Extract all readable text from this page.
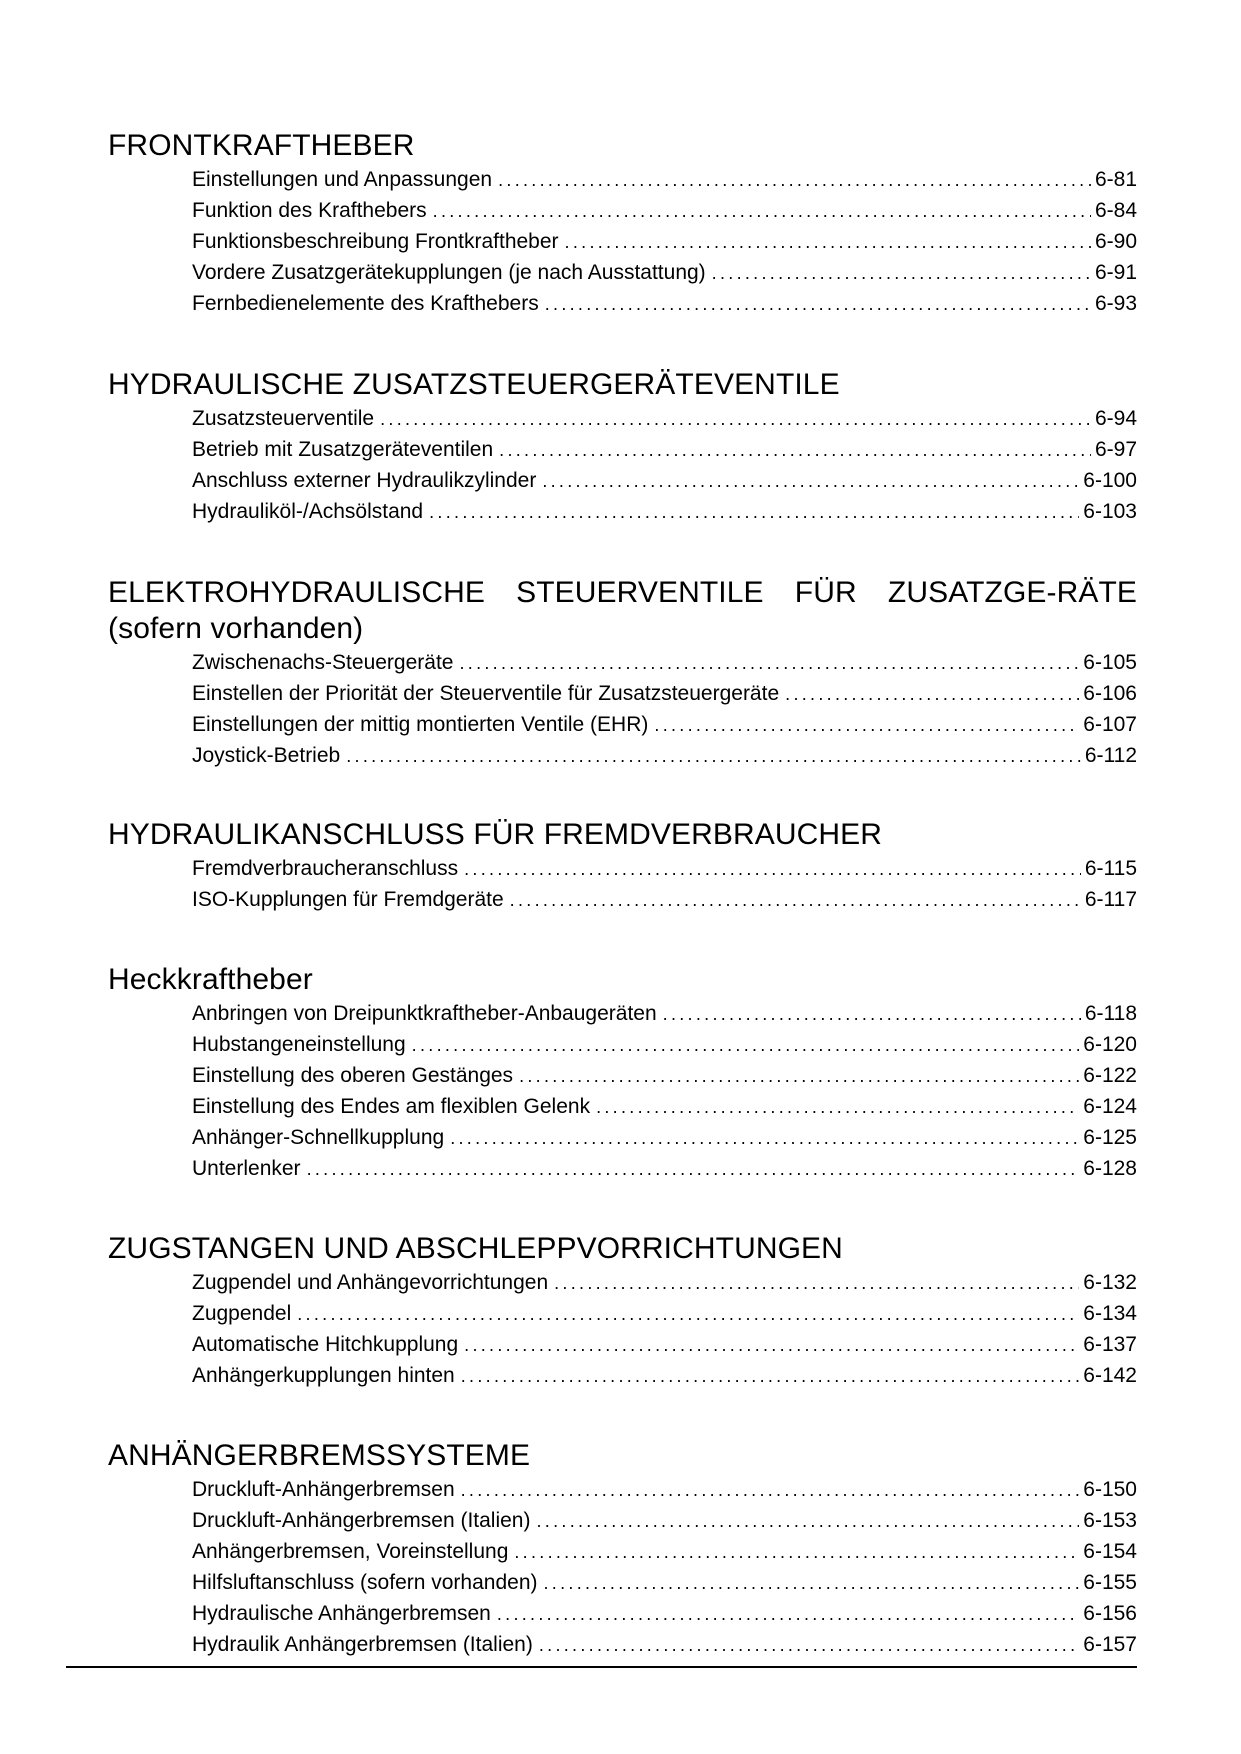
FRONTKRAFTHEBER
Einstellungen und Anpassungen .....	6-81
Funktion des Krafthebers .....	6-84
Funktionsbeschreibung Frontkraftheber .....	6-90
Vordere Zusatzgerätekupplungen (je nach Ausstattung) .....	6-91
Fernbedienelemente des Krafthebers .....	6-93
HYDRAULISCHE ZUSATZSTEUERGERÄTEVENTILE
Zusatzsteuerventile .....	6-94
Betrieb mit Zusatzgeräteventilen .....	6-97
Anschluss externer Hydraulikzylinder .....	6-100
Hydrauliköl-/Achsölstand .....	6-103
ELEKTROHYDRAULISCHE STEUERVENTILE FÜR ZUSATZGE-RÄTE (sofern vorhanden)
Zwischenachs-Steuergeräte .....	6-105
Einstellen der Priorität der Steuerventile für Zusatzsteuergeräte .....	6-106
Einstellungen der mittig montierten Ventile (EHR) .....	6-107
Joystick-Betrieb .....	6-112
HYDRAULIKANSCHLUSS FÜR FREMDVERBRAUCHER
Fremdverbraucheranschluss .....	6-115
ISO-Kupplungen für Fremdgeräte .....	6-117
Heckkraftheber
Anbringen von Dreipunktkraftheber-Anbaugeräten .....	6-118
Hubstangeneinstellung .....	6-120
Einstellung des oberen Gestänges .....	6-122
Einstellung des Endes am flexiblen Gelenk .....	6-124
Anhänger-Schnellkupplung .....	6-125
Unterlenker .....	6-128
ZUGSTANGEN UND ABSCHLEPPVORRICHTUNGEN
Zugpendel und Anhängevorrichtungen .....	6-132
Zugpendel .....	6-134
Automatische Hitchkupplung .....	6-137
Anhängerkupplungen hinten .....	6-142
ANHÄNGERBREMSSYSTEME
Druckluft-Anhängerbremsen .....	6-150
Druckluft-Anhängerbremsen (Italien) .....	6-153
Anhängerbremsen, Voreinstellung .....	6-154
Hilfsluftanschluss (sofern vorhanden) .....	6-155
Hydraulische Anhängerbremsen .....	6-156
Hydraulik Anhängerbremsen (Italien) .....	6-157
